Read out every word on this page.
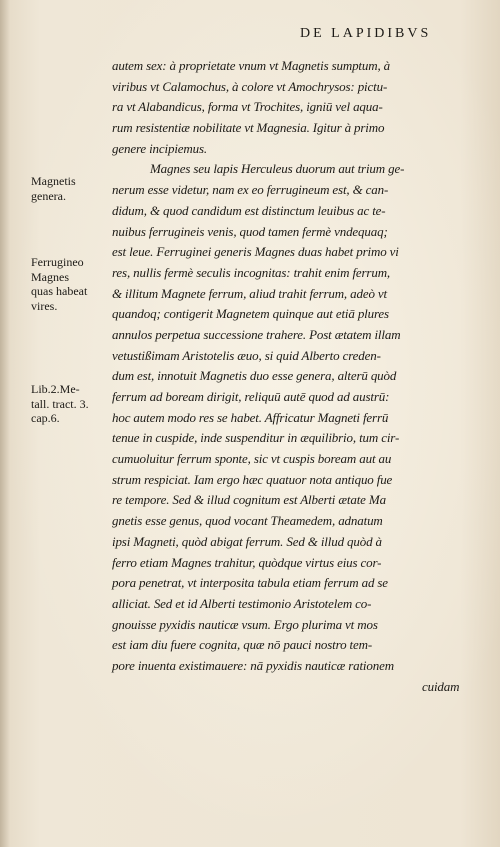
DE LAPIDIBVS
autem sex: à proprietate vnum vt Magnetis sumptum, à
viribus vt Calamochus, à colore vt Amochrysos: pictu-
ra vt Alabandicus, forma vt Trochites, igniū vel aqua-
rum resistentiæ nobilitate vt Magnesia. Igitur à primo
genere incipiemus.
Magnes seu lapis Herculeus duorum aut trium ge-
nerum esse videtur, nam ex eo ferrugineum est, & can-
didum, & quod candidum est distinctum leuibus ac te-
nuibus ferrugineis venis, quod tamen fermè vndequaq;
est leue. Ferruginei generis Magnes duas habet primo vi
res, nullis fermè seculis incognitas: trahit enim ferrum,
& illitum Magnete ferrum, aliud trahit ferrum, adeò vt
quandoq; contigerit Magnetem quinque aut etiā plures
annulos perpetua successione trahere. Post ætatem illam
vetustißimam Aristotelis æuo, si quid Alberto creden-
dum est, innotuit Magnetis duo esse genera, alterū quòd
ferrum ad boream dirigit, reliquū autē quod ad austrū:
hoc autem modo res se habet. Affricatur Magneti ferrū
tenue in cuspide, inde suspenditur in æquilibrio, tum cir-
cumuoluitur ferrum sponte, sic vt cuspis boream aut au
strum respiciat. Iam ergo hæc quatuor nota antiquo fue
re tempore. Sed & illud cognitum est Alberti ætate Ma
gnetis esse genus, quod vocant Theamedem, adnatum
ipsi Magneti, quòd abigat ferrum. Sed & illud quòd à
ferro etiam Magnes trahitur, quòdque virtus eius cor-
pora penetrat, vt interposita tabula etiam ferrum ad se
alliciat. Sed et id Alberti testimonio Aristotelem co-
gnouisse pyxidis nauticæ vsum. Ergo plurima vt mos
est iam diu fuere cognita, quæ nō pauci nostro tem-
pore inuenta existimauere: nā pyxidis nauticæ rationem
cuidam
Magnetis
genera.
Ferrugineo
Magnes
quas habeat
vires.
Lib.2.Me-
tall. tract. 3.
cap.6.
